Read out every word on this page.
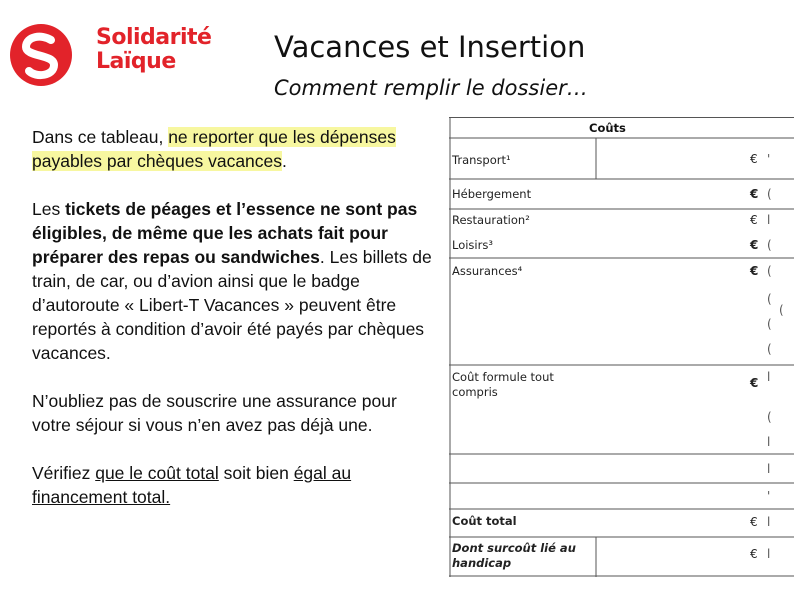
Solidarité
Laïque	Vacances et Insertion
Comment remplir le dossier…

Dans ce tableau, ne reporter que les dépenses payables par chèques vacances.

Les tickets de péages et l’essence ne sont pas éligibles, de même que les achats fait pour préparer des repas ou sandwiches. Les billets de train, de car, ou d’avion ainsi que le badge d’autoroute « Libert-T Vacances » peuvent être reportés à condition d’avoir été payés par chèques vacances.

N’oubliez pas de souscrire une assurance pour votre séjour si vous n’en avez pas déjà une.

Vérifiez que le coût total soit bien égal au financement total.

Coûts
Transport¹
Hébergement
Restauration²
Loisirs³
Assurances⁴
Coût formule tout
compris
Coût total
Dont surcoût lié au
handicap
€
€
€
€
€
€
€
€
'
(
l
(
(
(
(
(
l
(
l
l
'
l
l
(
